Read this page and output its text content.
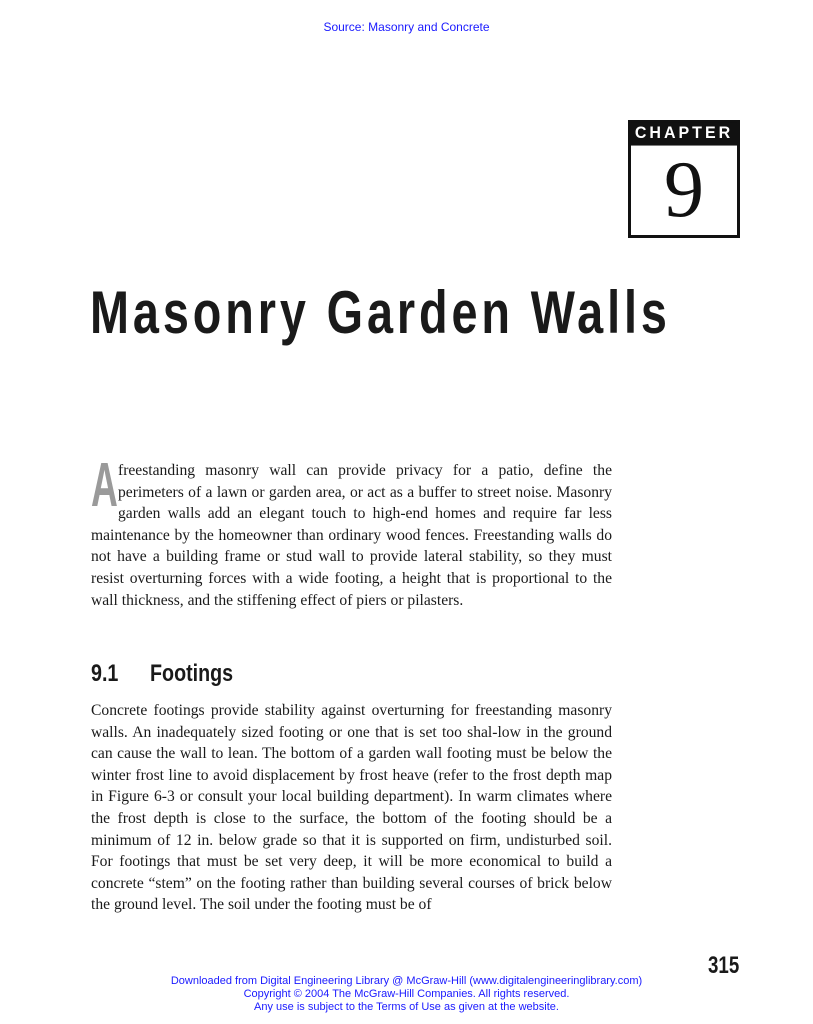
Source: Masonry and Concrete
CHAPTER
9
Masonry Garden Walls
Afreestanding masonry wall can provide privacy for a patio, define the perimeters of a lawn or garden area, or act as a buffer to street noise. Masonry garden walls add an elegant touch to high-end homes and require far less maintenance by the homeowner than ordinary wood fences. Freestanding walls do not have a building frame or stud wall to provide lateral stability, so they must resist overturning forces with a wide footing, a height that is proportional to the wall thickness, and the stiffening effect of piers or pilasters.
9.1 Footings
Concrete footings provide stability against overturning for freestanding masonry walls. An inadequately sized footing or one that is set too shal-low in the ground can cause the wall to lean. The bottom of a garden wall footing must be below the winter frost line to avoid displacement by frost heave (refer to the frost depth map in Figure 6-3 or consult your local building department). In warm climates where the frost depth is close to the surface, the bottom of the footing should be a minimum of 12 in. below grade so that it is supported on firm, undisturbed soil. For footings that must be set very deep, it will be more economical to build a concrete “stem” on the footing rather than building several courses of brick below the ground level. The soil under the footing must be of
315
Downloaded from Digital Engineering Library @ McGraw-Hill (www.digitalengineeringlibrary.com)
Copyright © 2004 The McGraw-Hill Companies. All rights reserved.
Any use is subject to the Terms of Use as given at the website.
